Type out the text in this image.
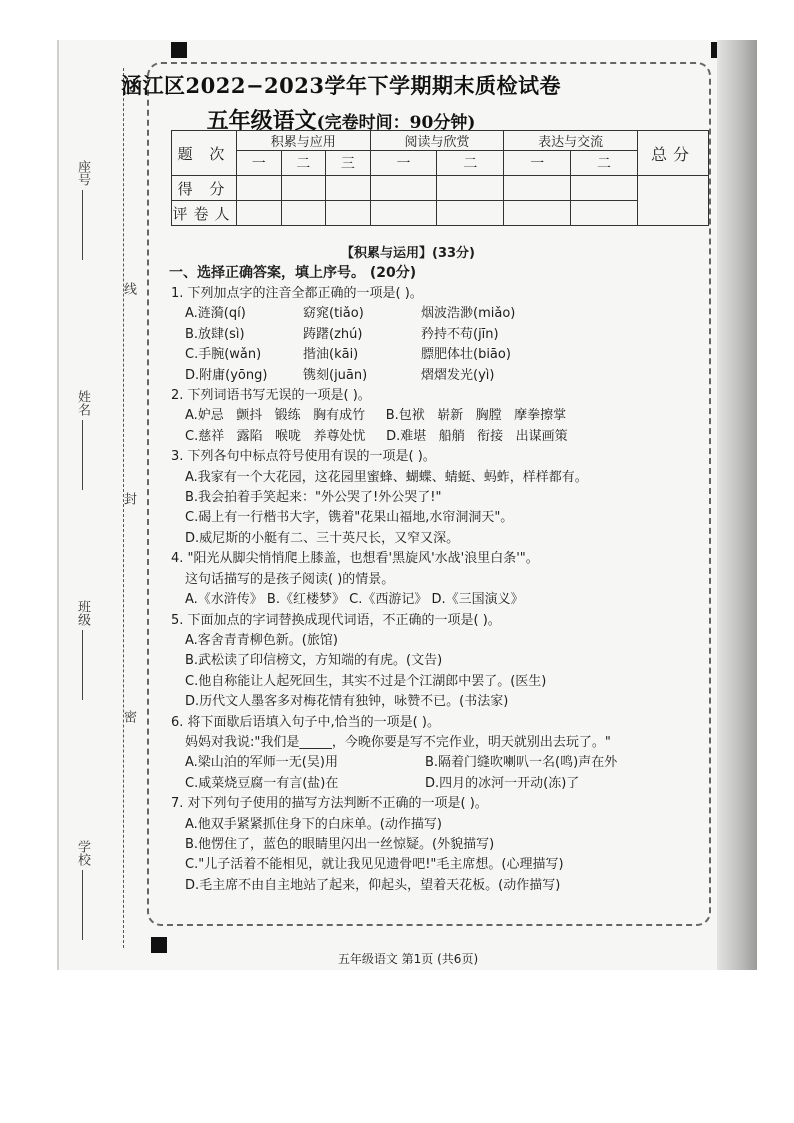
座号
线
姓名
封
班级
密
学校
涵江区2022−2023学年下学期期末质检试卷
五年级语文(完卷时间：90分钟)
题 次	积累与应用			阅读与欣赏		表达与交流		总分
	一	二	三	一	二	一	二	
得 分								
评卷人								
【积累与运用】(33分)
一、选择正确答案，填上序号。 (20分)

1. 下列加点字的注音全都正确的一项是( )。

A.涟漪(qí)	窈窕(tiǎo)	烟波浩渺(miǎo)
B.放肆(sì)	踌躇(zhú)	矜持不苟(jīn)
C.手腕(wǎn)	揩油(kāi)	膘肥体壮(biāo)
D.附庸(yōng)	镌刻(juān)	熠熠发光(yì)

2. 下列词语书写无误的一项是( )。

A.妒忌 颤抖 锻练 胸有成竹 B.包袱 崭新 胸膛 摩拳擦掌
C.慈祥 露陷 喉咙 养尊处忧 D.难堪 船艄 衔接 出谋画策

3. 下列各句中标点符号使用有误的一项是( )。

A.我家有一个大花园，这花园里蜜蜂、蝴蝶、蜻蜓、蚂蚱，样样都有。

B.我会拍着手笑起来："外公哭了!外公哭了!"

C.碣上有一行楷书大字，镌着"花果山福地,水帘洞洞天"。

D.威尼斯的小艇有二、三十英尺长，又窄又深。

4. "阳光从脚尖悄悄爬上膝盖，也想看'黑旋风'水战'浪里白条'"。

这句话描写的是孩子阅读( )的情景。

A.《水浒传》 B.《红楼梦》 C.《西游记》 D.《三国演义》

5. 下面加点的字词替换成现代词语，不正确的一项是( )。

A.客舍青青柳色新。(旅馆)

B.武松读了印信榜文，方知端的有虎。(文告)

C.他自称能让人起死回生，其实不过是个江湖郎中罢了。(医生)

D.历代文人墨客多对梅花情有独钟，咏赞不已。(书法家)

6. 将下面歇后语填入句子中,恰当的一项是( )。

妈妈对我说:"我们是_____，今晚你要是写不完作业，明天就别出去玩了。"

A.梁山泊的军师一无(吴)用	B.隔着门缝吹喇叭一名(鸣)声在外
C.咸菜烧豆腐一有言(盐)在	D.四月的冰河一开动(冻)了

7. 对下列句子使用的描写方法判断不正确的一项是( )。

A.他双手紧紧抓住身下的白床单。(动作描写)

B.他愣住了，蓝色的眼睛里闪出一丝惊疑。(外貌描写)

C."儿子活着不能相见，就让我见见遗骨吧!"毛主席想。(心理描写)

D.毛主席不由自主地站了起来，仰起头，望着天花板。(动作描写)

五年级语文 第1页 (共6页)
